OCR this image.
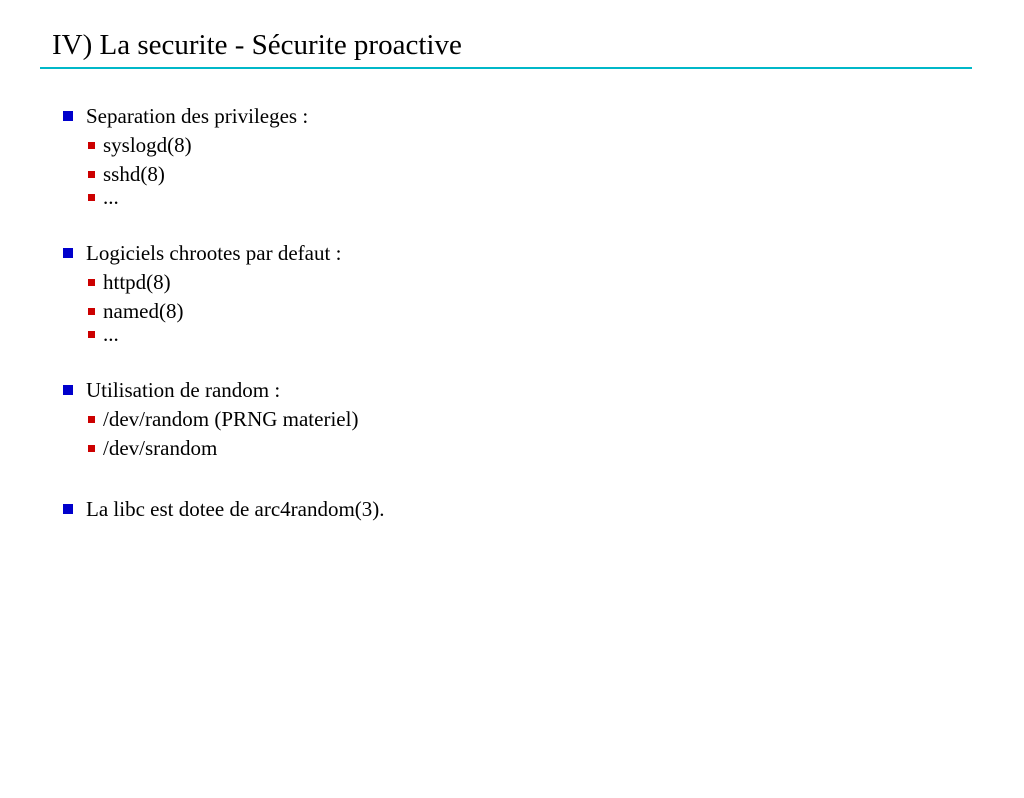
IV) La securite - Sécurite proactive
Separation des privileges :
syslogd(8)
sshd(8)
...
Logiciels chrootes par defaut :
httpd(8)
named(8)
...
Utilisation de random :
/dev/random (PRNG materiel)
/dev/srandom
La libc est dotee de arc4random(3).
